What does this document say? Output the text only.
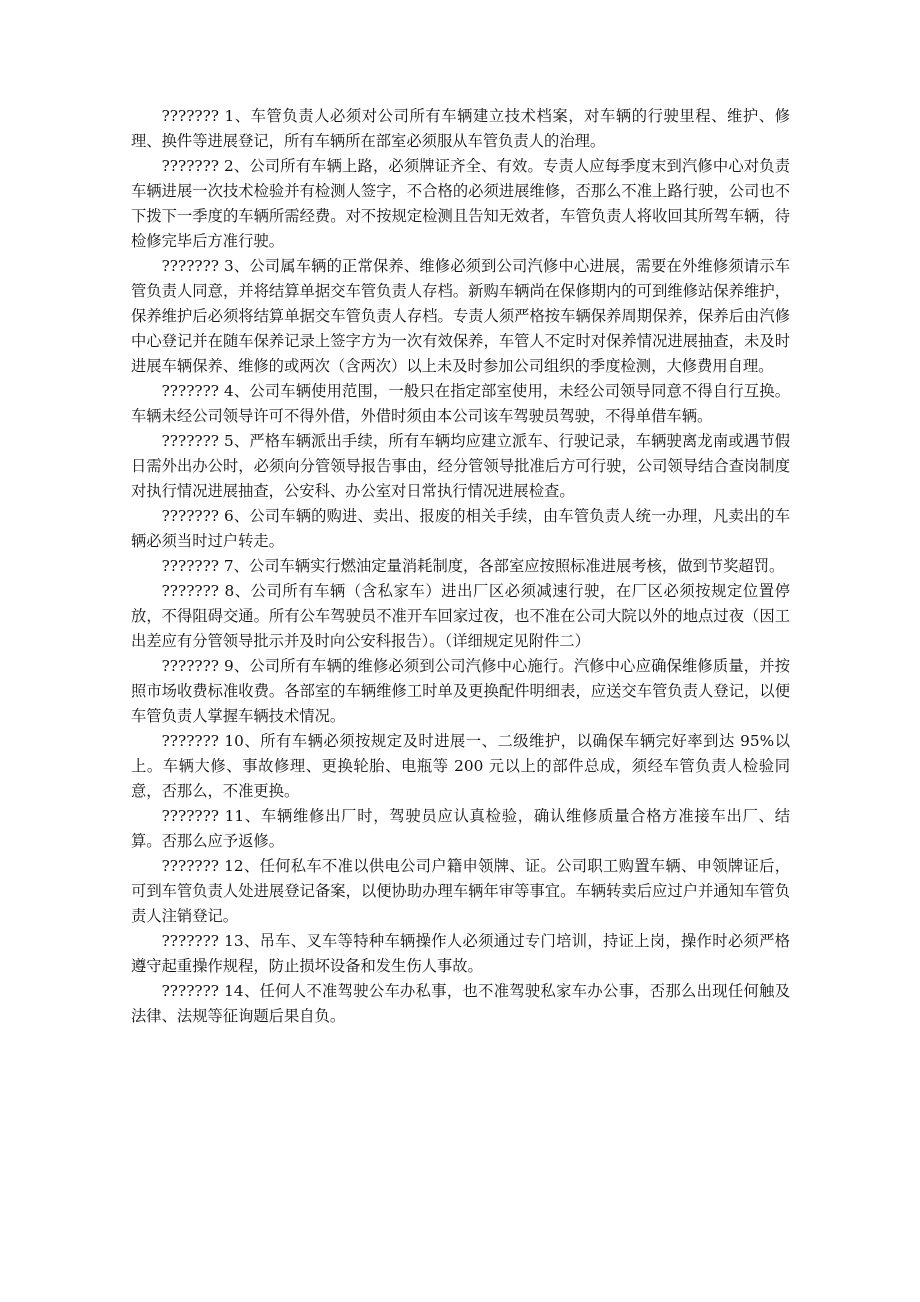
??????? 1、车管负责人必须对公司所有车辆建立技术档案，对车辆的行驶里程、维护、修理、换件等进展登记，所有车辆所在部室必须服从车管负责人的治理。

??????? 2、公司所有车辆上路，必须牌证齐全、有效。专责人应每季度末到汽修中心对负责车辆进展一次技术检验并有检测人签字，不合格的必须进展维修，否那么不准上路行驶，公司也不下拨下一季度的车辆所需经费。对不按规定检测且告知无效者，车管负责人将收回其所驾车辆，待检修完毕后方准行驶。

??????? 3、公司属车辆的正常保养、维修必须到公司汽修中心进展，需要在外维修须请示车管负责人同意，并将结算单据交车管负责人存档。新购车辆尚在保修期内的可到维修站保养维护，保养维护后必须将结算单据交车管负责人存档。专责人须严格按车辆保养周期保养，保养后由汽修中心登记并在随车保养记录上签字方为一次有效保养，车管人不定时对保养情况进展抽查，未及时进展车辆保养、维修的或两次（含两次）以上未及时参加公司组织的季度检测，大修费用自理。

??????? 4、公司车辆使用范围，一般只在指定部室使用，未经公司领导同意不得自行互换。车辆未经公司领导许可不得外借，外借时须由本公司该车驾驶员驾驶，不得单借车辆。

??????? 5、严格车辆派出手续，所有车辆均应建立派车、行驶记录，车辆驶离龙南或遇节假日需外出办公时，必须向分管领导报告事由，经分管领导批准后方可行驶，公司领导结合查岗制度对执行情况进展抽查，公安科、办公室对日常执行情况进展检查。

??????? 6、公司车辆的购进、卖出、报废的相关手续，由车管负责人统一办理，凡卖出的车辆必须当时过户转走。

??????? 7、公司车辆实行燃油定量消耗制度，各部室应按照标准进展考核，做到节奖超罚。

??????? 8、公司所有车辆（含私家车）进出厂区必须减速行驶，在厂区必须按规定位置停放，不得阻碍交通。所有公车驾驶员不准开车回家过夜，也不准在公司大院以外的地点过夜（因工出差应有分管领导批示并及时向公安科报告）。（详细规定见附件二）

??????? 9、公司所有车辆的维修必须到公司汽修中心施行。汽修中心应确保维修质量，并按照市场收费标准收费。各部室的车辆维修工时单及更换配件明细表，应送交车管负责人登记，以便车管负责人掌握车辆技术情况。

??????? 10、所有车辆必须按规定及时进展一、二级维护，以确保车辆完好率到达 95%以上。车辆大修、事故修理、更换轮胎、电瓶等 200 元以上的部件总成，须经车管负责人检验同意，否那么，不准更换。

??????? 11、车辆维修出厂时，驾驶员应认真检验，确认维修质量合格方准接车出厂、结算。否那么应予返修。

??????? 12、任何私车不准以供电公司户籍申领牌、证。公司职工购置车辆、申领牌证后，可到车管负责人处进展登记备案，以便协助办理车辆年审等事宜。车辆转卖后应过户并通知车管负责人注销登记。

??????? 13、吊车、叉车等特种车辆操作人必须通过专门培训，持证上岗，操作时必须严格遵守起重操作规程，防止损坏设备和发生伤人事故。

??????? 14、任何人不准驾驶公车办私事，也不准驾驶私家车办公事，否那么出现任何触及法律、法规等征询题后果自负。
